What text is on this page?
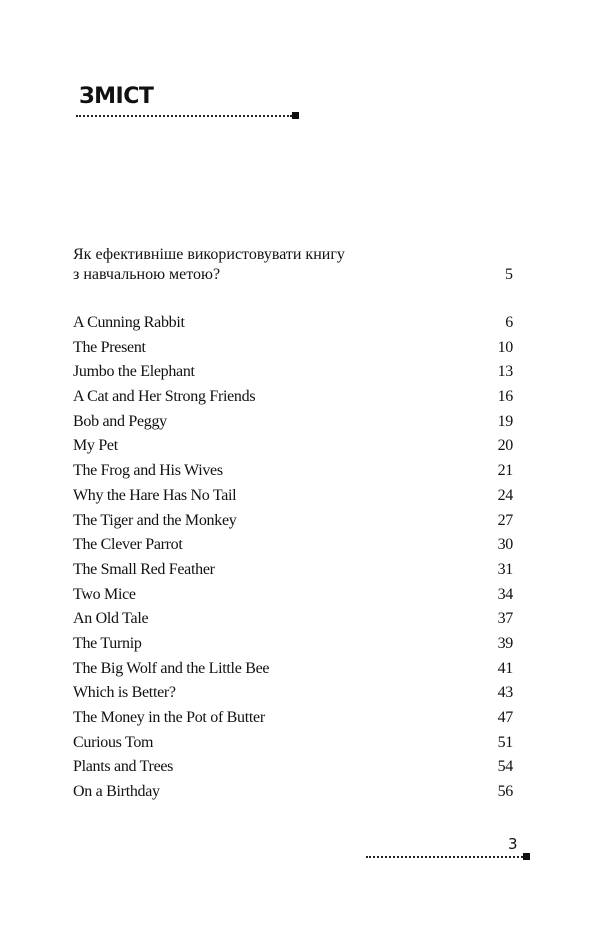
ЗМІСТ
Як ефективніше використовувати книгу
з навчальною метою?	5
A Cunning Rabbit	6
The Present	10
Jumbo the Elephant	13
A Cat and Her Strong Friends	16
Bob and Peggy	19
My Pet	20
The Frog and His Wives	21
Why the Hare Has No Tail	24
The Tiger and the Monkey	27
The Clever Parrot	30
The Small Red Feather	31
Two Mice	34
An Old Tale	37
The Turnip	39
The Big Wolf and the Little Bee	41
Which is Better?	43
The Money in the Pot of Butter	47
Curious Tom	51
Plants and Trees	54
On a Birthday	56
3
